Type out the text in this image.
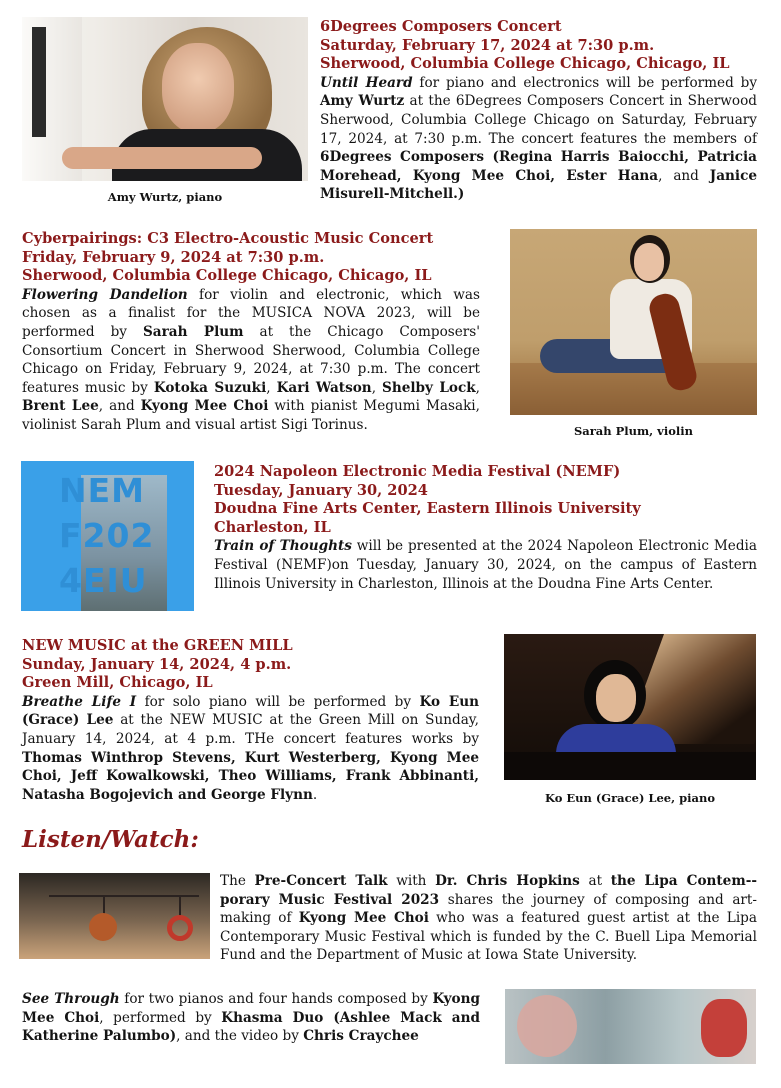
Amy Wurtz, piano
6Degrees Composers Concert
Saturday, February 17, 2024 at 7:30 p.m.
Sherwood, Columbia College Chicago, Chicago, IL
Until Heard for piano and electronics will be performed by Amy Wurtz at the 6Degrees Composers Concert in Sherwood Sherwood, Columbia College Chicago on Saturday, February 17, 2024, at 7:30 p.m. The concert features the members of 6Degrees Composers (Regina Harris Baiocchi, Patricia Morehead, Kyong Mee Choi, Ester Hana, and Janice Misurell-Mitchell.)
Cyberpairings: C3 Electro-Acoustic Music Concert
Friday, February 9, 2024 at 7:30 p.m.
Sherwood, Columbia College Chicago, Chicago, IL
Flowering Dandelion for violin and electronic, which was chosen as a finalist for the MUSICA NOVA 2023, will be performed by Sarah Plum at the Chicago Composers' Consortium Concert in Sherwood Sherwood, Columbia College Chicago on Friday, February 9, 2024, at 7:30 p.m. The concert features music by Kotoka Suzuki, Kari Watson, Shelby Lock, Brent Lee, and Kyong Mee Choi with pianist Megumi Masaki, violinist Sarah Plum and visual artist Sigi Torinus.	Sarah Plum, violin
NEM
F202
4EIU
2024 Napoleon Electronic Media Festival (NEMF)
Tuesday, January 30, 2024
Doudna Fine Arts Center, Eastern Illinois University
Charleston, IL
Train of Thoughts will be presented at the 2024 Napoleon Electronic Media Festival (NEMF)on Tuesday, January 30, 2024, on the campus of Eastern Illinois University in Charleston, Illinois at the Doudna Fine Arts Center.
NEW MUSIC at the GREEN MILL
Sunday, January 14, 2024, 4 p.m.
Green Mill, Chicago, IL
Breathe Life I for solo piano will be performed by Ko Eun (Grace) Lee at the NEW MUSIC at the Green Mill on Sunday, January 14, 2024, at 4 p.m. THe concert features works by Thomas Winthrop Stevens, Kurt Westerberg, Kyong Mee Choi, Jeff Kowalkowski, Theo Williams, Frank Abbinanti, Natasha Bogojevich and George Flynn.	Ko Eun (Grace) Lee, piano
Listen/Watch:
The Pre-Concert Talk with Dr. Chris Hopkins at the Lipa Contem--porary Music Festival 2023 shares the journey of composing and art-making of Kyong Mee Choi who was a featured guest artist at the Lipa Contemporary Music Festival which is funded by the C. Buell Lipa Memorial Fund and the Department of Music at Iowa State University.
See Through for two pianos and four hands composed by Kyong Mee Choi, performed by Khasma Duo (Ashlee Mack and Katherine Palumbo), and the video by Chris Craychee
